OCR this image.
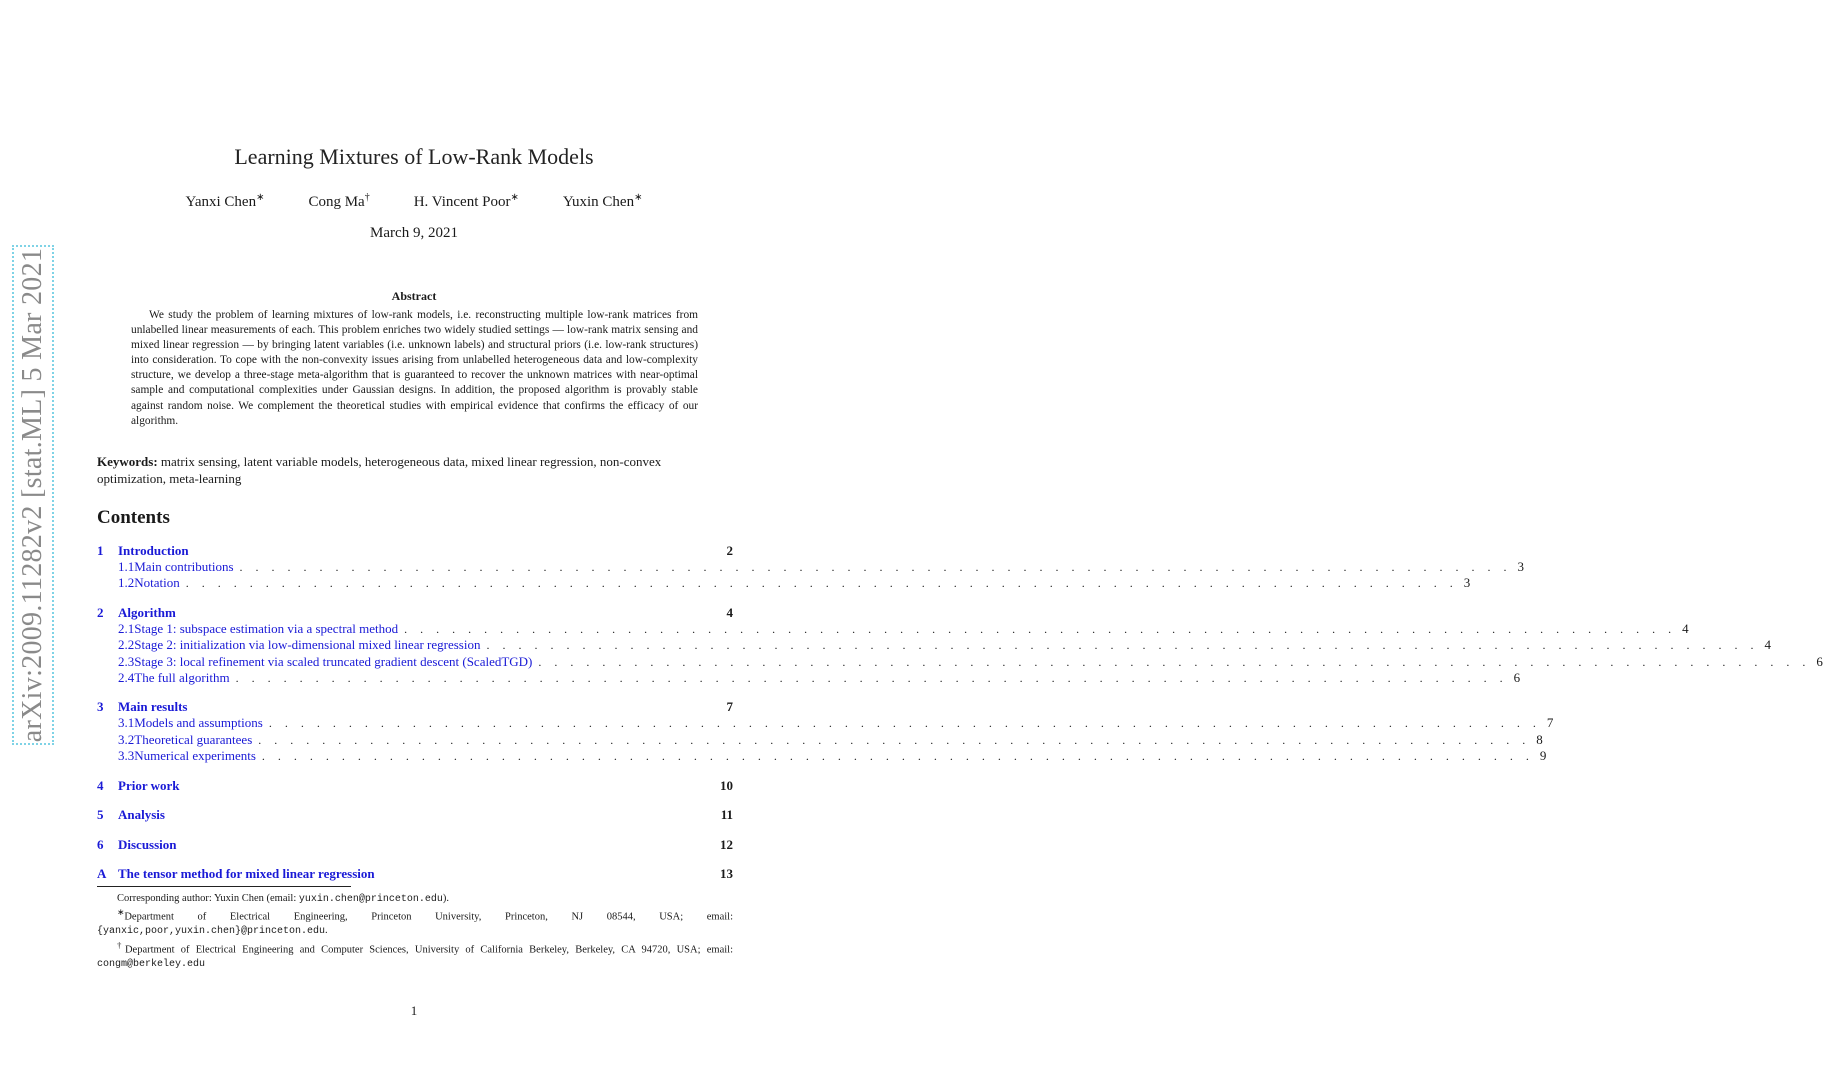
arXiv:2009.11282v2 [stat.ML] 5 Mar 2021
Learning Mixtures of Low-Rank Models
Yanxi Chen∗	Cong Ma†	H. Vincent Poor∗	Yuxin Chen∗
March 9, 2021
Abstract
We study the problem of learning mixtures of low-rank models, i.e. reconstructing multiple low-rank matrices from unlabelled linear measurements of each. This problem enriches two widely studied settings — low-rank matrix sensing and mixed linear regression — by bringing latent variables (i.e. unknown labels) and structural priors (i.e. low-rank structures) into consideration. To cope with the non-convexity issues arising from unlabelled heterogeneous data and low-complexity structure, we develop a three-stage meta-algorithm that is guaranteed to recover the unknown matrices with near-optimal sample and computational complexities under Gaussian designs. In addition, the proposed algorithm is provably stable against random noise. We complement the theoretical studies with empirical evidence that confirms the efficacy of our algorithm.
Keywords: matrix sensing, latent variable models, heterogeneous data, mixed linear regression, non-convex optimization, meta-learning
Contents
1	Introduction	2
1.1 Main contributions . . . . . . . . . . . . . . . . . . . . . . . . . . . . . . . . . . . . . . . . . . . . . . . . . . . . . . . . . . . . . . . . . . . . . . . . . . . . . . . . 3
1.2 Notation . . . . . . . . . . . . . . . . . . . . . . . . . . . . . . . . . . . . . . . . . . . . . . . . . . . . . . . . . . . . . . . . . . . . . . . . . . . . . . . . 3
2	Algorithm	4
2.1 Stage 1: subspace estimation via a spectral method . . . . . . . . . . . . . . . . . . . . . . . . . . . . . . . . . . . . . . . . . . . . . . . . . . . . . . . . . . . . . . . . . . . . . . . . . . . . . . . . 4
2.2 Stage 2: initialization via low-dimensional mixed linear regression . . . . . . . . . . . . . . . . . . . . . . . . . . . . . . . . . . . . . . . . . . . . . . . . . . . . . . . . . . . . . . . . . . . . . . . . . . . . . . . . 4
2.3 Stage 3: local refinement via scaled truncated gradient descent (ScaledTGD) . . . . . . . . . . . . . . . . . . . . . . . . . . . . . . . . . . . . . . . . . . . . . . . . . . . . . . . . . . . . . . . . . . . . . . . . . . . . . . . . 6
2.4 The full algorithm . . . . . . . . . . . . . . . . . . . . . . . . . . . . . . . . . . . . . . . . . . . . . . . . . . . . . . . . . . . . . . . . . . . . . . . . . . . . . . . . 6
3	Main results	7
3.1 Models and assumptions . . . . . . . . . . . . . . . . . . . . . . . . . . . . . . . . . . . . . . . . . . . . . . . . . . . . . . . . . . . . . . . . . . . . . . . . . . . . . . . . 7
3.2 Theoretical guarantees . . . . . . . . . . . . . . . . . . . . . . . . . . . . . . . . . . . . . . . . . . . . . . . . . . . . . . . . . . . . . . . . . . . . . . . . . . . . . . . . 8
3.3 Numerical experiments . . . . . . . . . . . . . . . . . . . . . . . . . . . . . . . . . . . . . . . . . . . . . . . . . . . . . . . . . . . . . . . . . . . . . . . . . . . . . . . . 9
4	Prior work	10
5	Analysis	11
6	Discussion	12
A The tensor method for mixed linear regression	13

Corresponding author: Yuxin Chen (email: yuxin.chen@princeton.edu).

∗Department of Electrical Engineering, Princeton University, Princeton, NJ 08544, USA; email:

{yanxic,poor,yuxin.chen}@princeton.edu.

†Department of Electrical Engineering and Computer Sciences, University of California Berkeley, Berkeley, CA 94720, USA; email: congm@berkeley.edu

1
